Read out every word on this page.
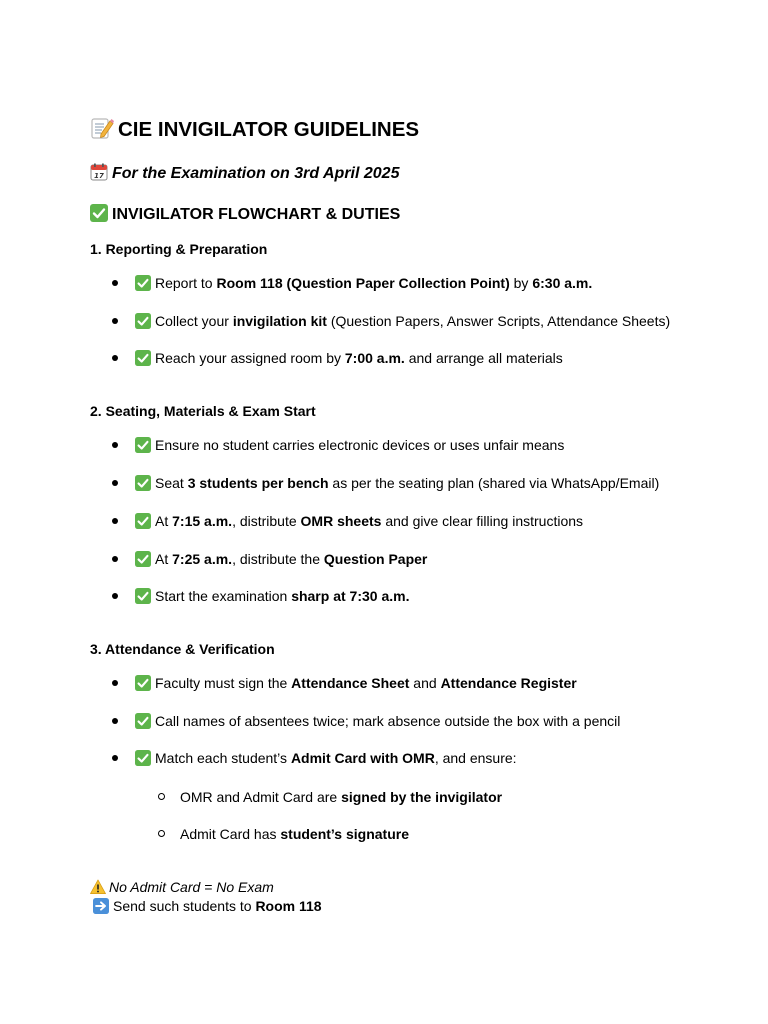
CIE INVIGILATOR GUIDELINES
17 For the Examination on 3rd April 2025
INVIGILATOR FLOWCHART & DUTIES
1. Reporting & Preparation
Report to Room 118 (Question Paper Collection Point) by 6:30 a.m.
Collect your invigilation kit (Question Papers, Answer Scripts, Attendance Sheets)
Reach your assigned room by 7:00 a.m. and arrange all materials
2. Seating, Materials & Exam Start
Ensure no student carries electronic devices or uses unfair means
Seat 3 students per bench as per the seating plan (shared via WhatsApp/Email)
At 7:15 a.m., distribute OMR sheets and give clear filling instructions
At 7:25 a.m., distribute the Question Paper
Start the examination sharp at 7:30 a.m.
3. Attendance & Verification
Faculty must sign the Attendance Sheet and Attendance Register
Call names of absentees twice; mark absence outside the box with a pencil
Match each student’s Admit Card with OMR, and ensure:
OMR and Admit Card are signed by the invigilator
Admit Card has student’s signature
No Admit Card = No Exam
Send such students to Room 118
